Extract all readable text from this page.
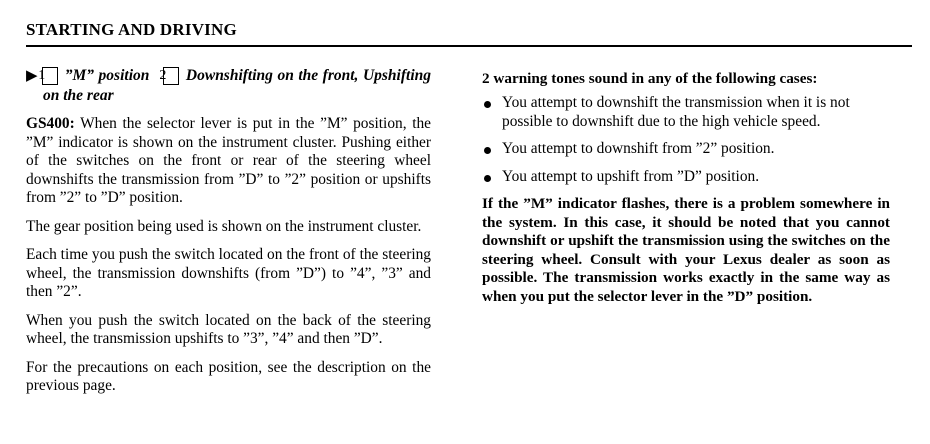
STARTING AND DRIVING
▶1 ”M” position 2 Downshifting on the front, Upshifting on the rear

GS400: When the selector lever is put in the ”M” position, the ”M” indicator is shown on the instrument cluster. Pushing either of the switches on the front or rear of the steering wheel downshifts the transmission from ”D” to ”2” position or upshifts from ”2” to ”D” position.

The gear position being used is shown on the instrument cluster.

Each time you push the switch located on the front of the steering wheel, the transmission downshifts (from ”D”) to ”4”, ”3” and then ”2”.

When you push the switch located on the back of the steering wheel, the transmission upshifts to ”3”, ”4” and then ”D”.

For the precautions on each position, see the description on the previous page.

2 warning tones sound in any of the following cases:
You attempt to downshift the transmission when it is not possible to downshift due to the high vehicle speed.
You attempt to downshift from ”2” position.
You attempt to upshift from ”D” position.

If the ”M” indicator flashes, there is a problem somewhere in the system. In this case, it should be noted that you cannot downshift or upshift the transmission using the switches on the steering wheel. Consult with your Lexus dealer as soon as possible. The transmission works exactly in the same way as when you put the selector lever in the ”D” position.
